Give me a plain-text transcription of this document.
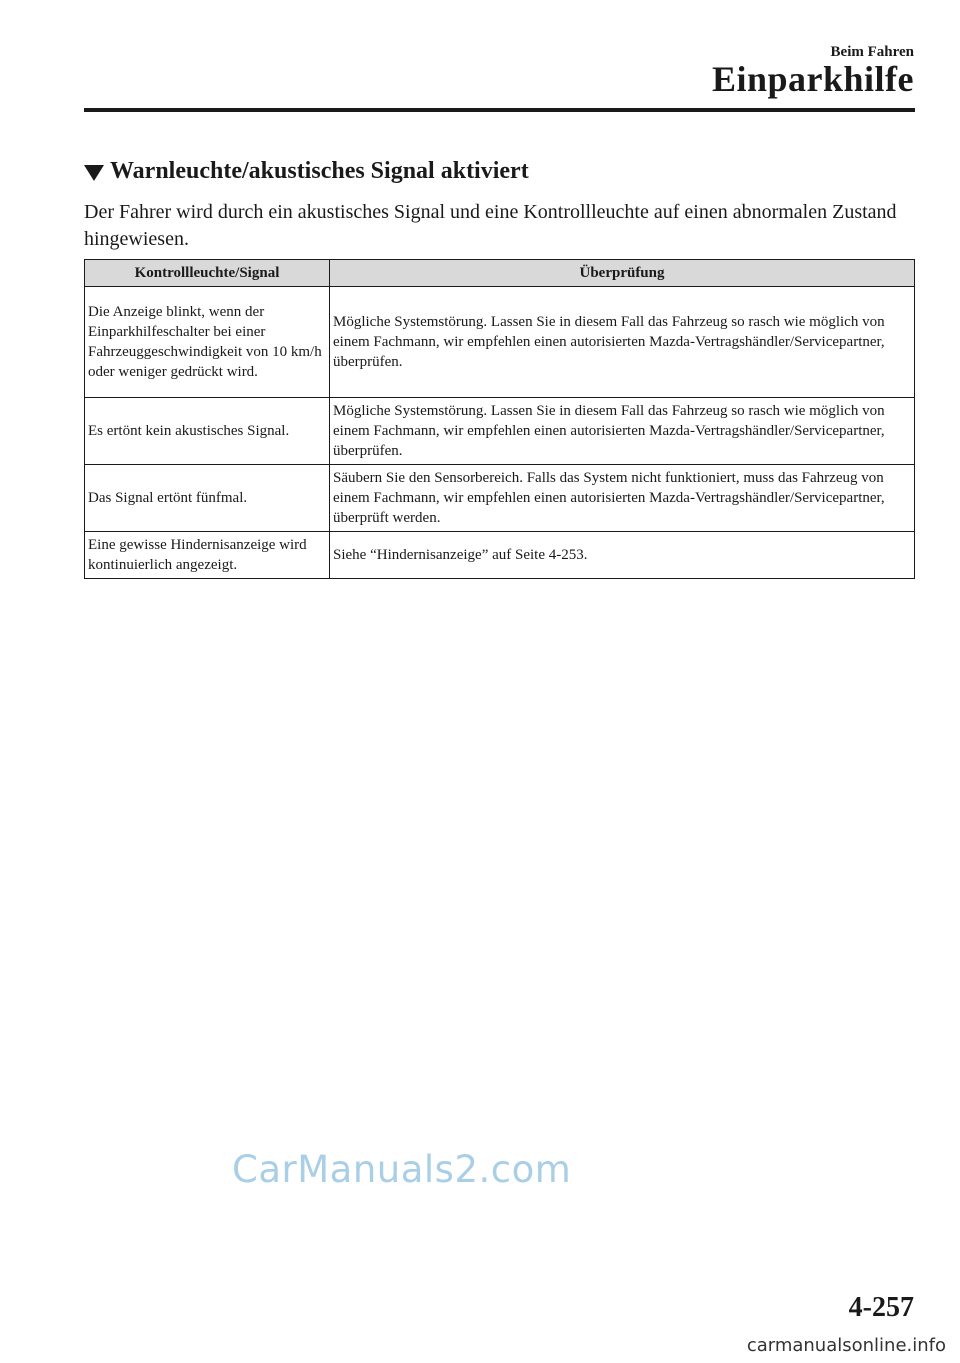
Beim Fahren
Einparkhilfe
Warnleuchte/akustisches Signal aktiviert
Der Fahrer wird durch ein akustisches Signal und eine Kontrollleuchte auf einen abnormalen Zustand hingewiesen.
Kontrollleuchte/Signal	Überprüfung
Die Anzeige blinkt, wenn der Einparkhilfeschalter bei einer Fahrzeuggeschwindigkeit von 10 km/h oder weniger gedrückt wird.	Mögliche Systemstörung. Lassen Sie in diesem Fall das Fahrzeug so rasch wie möglich von einem Fachmann, wir empfehlen einen autorisierten Mazda-Vertragshändler/Servicepartner, überprüfen.
Es ertönt kein akustisches Signal.	Mögliche Systemstörung. Lassen Sie in diesem Fall das Fahrzeug so rasch wie möglich von einem Fachmann, wir empfehlen einen autorisierten Mazda-Vertragshändler/Servicepartner, überprüfen.
Das Signal ertönt fünfmal.	Säubern Sie den Sensorbereich. Falls das System nicht funktioniert, muss das Fahrzeug von einem Fachmann, wir empfehlen einen autorisierten Mazda-Vertragshändler/Servicepartner, überprüft werden.
Eine gewisse Hindernisanzeige wird kontinuierlich angezeigt.	Siehe “Hindernisanzeige” auf Seite 4-253.
CarManuals2.com
4-257
carmanualsonline.info
